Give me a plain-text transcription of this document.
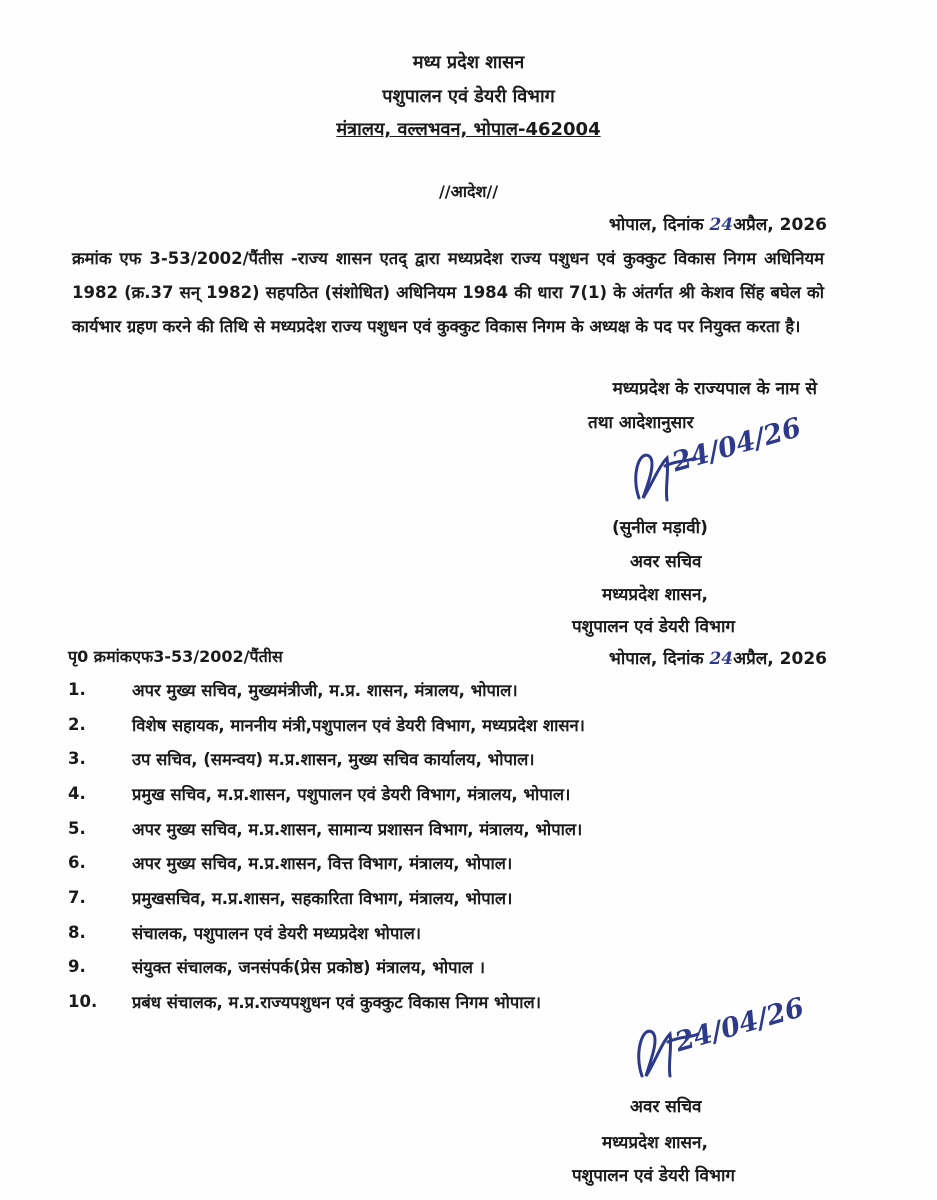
मध्य प्रदेश शासन
पशुपालन एवं डेयरी विभाग
मंत्रालय, वल्लभवन, भोपाल-462004
//आदेश//
भोपाल, दिनांक 24अप्रैल, 2026
क्रमांक एफ 3-53/2002/पैंतीस -राज्य शासन एतद् द्वारा मध्यप्रदेश राज्य पशुधन एवं कुक्कुट विकास निगम अधिनियम 1982 (क्र.37 सन् 1982) सहपठित (संशोधित) अधिनियम 1984 की धारा 7(1) के अंतर्गत श्री केशव सिंह बघेल को कार्यभार ग्रहण करने की तिथि से मध्यप्रदेश राज्य पशुधन एवं कुक्कुट विकास निगम के अध्यक्ष के पद पर नियुक्त करता है।
मध्यप्रदेश के राज्यपाल के नाम से
तथा आदेशानुसार
24/04/26
(सुनील मड़ावी)
अवर सचिव
मध्यप्रदेश शासन,
पशुपालन एवं डेयरी विभाग
पृ0 क्रमांकएफ3-53/2002/पैंतीस	भोपाल, दिनांक 24अप्रैल, 2026
1.	अपर मुख्य सचिव, मुख्यमंत्रीजी, म.प्र. शासन, मंत्रालय, भोपाल।
2.	विशेष सहायक, माननीय मंत्री,पशुपालन एवं डेयरी विभाग, मध्यप्रदेश शासन।
3.	उप सचिव, (समन्वय) म.प्र.शासन, मुख्य सचिव कार्यालय, भोपाल।
4.	प्रमुख सचिव, म.प्र.शासन, पशुपालन एवं डेयरी विभाग, मंत्रालय, भोपाल।
5.	अपर मुख्य सचिव, म.प्र.शासन, सामान्य प्रशासन विभाग, मंत्रालय, भोपाल।
6.	अपर मुख्य सचिव, म.प्र.शासन, वित्त विभाग, मंत्रालय, भोपाल।
7.	प्रमुखसचिव, म.प्र.शासन, सहकारिता विभाग, मंत्रालय, भोपाल।
8.	संचालक, पशुपालन एवं डेयरी मध्यप्रदेश भोपाल।
9.	संयुक्त संचालक, जनसंपर्क(प्रेस प्रकोष्ठ) मंत्रालय, भोपाल ।
10.	प्रबंध संचालक, म.प्र.राज्यपशुधन एवं कुक्कुट विकास निगम भोपाल।	24/04/26
अवर सचिव
मध्यप्रदेश शासन,
पशुपालन एवं डेयरी विभाग
